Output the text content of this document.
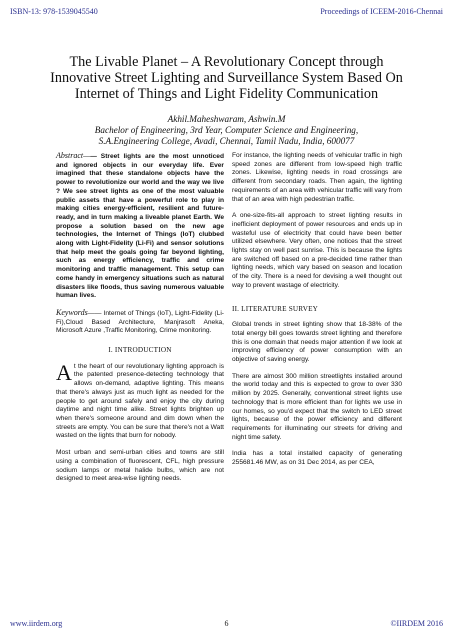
ISBN-13: 978-1539045540	Proceedings of ICEEM-2016-Chennai
The Livable Planet – A Revolutionary Concept through
Innovative Street Lighting and Surveillance System Based On
Internet of Things and Light Fidelity Communication
Akhil.Maheshwaram, Ashwin.M
Bachelor of Engineering, 3rd Year, Computer Science and Engineering,
S.A.Engineering College, Avadi, Chennai, Tamil Nadu, India, 600077

Abstract—— Street lights are the most unnoticed and ignored objects in our everyday life. Ever imagined that these standalone objects have the power to revolutionize our world and the way we live ? We see street lights as one of the most valuable public assets that have a powerful role to play in making cities energy-efficient, resilient and future-ready, and in turn making a liveable planet Earth. We propose a solution based on the new age technologies, the Internet of Things (IoT) clubbed along with Light-Fidelity (Li-Fi) and sensor solutions that help meet the goals going far beyond lighting, such as energy efficiency, traffic and crime monitoring and traffic management. This setup can come handy in emergency situations such as natural disasters like floods, thus saving numerous valuable human lives.

Keywords—— Internet of Things (IoT), Light-Fidelity (Li-Fi),Cloud Based Architecture, Manjrasoft Aneka, Microsoft Azure ,Traffic Monitoring, Crime monitoring.

I. INTRODUCTION

At the heart of our revolutionary lighting approach is the patented presence-detecting technology that allows on-demand, adaptive lighting. This means that there's always just as much light as needed for the people to get around safely and enjoy the city during daytime and night time alike. Street lights brighten up when there's someone around and dim down when the streets are empty. You can be sure that there's not a Watt wasted on the lights that burn for nobody.

Most urban and semi-urban cities and towns are still using a combination of fluorescent, CFL, high pressure sodium lamps or metal halide bulbs, which are not designed to meet area-wise lighting needs.

For instance, the lighting needs of vehicular traffic in high speed zones are different from low-speed high traffic zones. Likewise, lighting needs in road crossings are different from secondary roads. Then again, the lighting requirements of an area with vehicular traffic will vary from that of an area with high pedestrian traffic.

A one-size-fits-all approach to street lighting results in inefficient deployment of power resources and ends up in wasteful use of electricity that could have been better utilized elsewhere. Very often, one notices that the street lights stay on well past sunrise. This is because the lights are switched off based on a pre-decided time rather than lighting needs, which vary based on season and location of the city. There is a need for devising a well thought out way to prevent wastage of electricity.

II. LITERATURE SURVEY

Global trends in street lighting show that 18-38% of the total energy bill goes towards street lighting and therefore this is one domain that needs major attention if we look at improving efficiency of power consumption with an objective of saving energy.

There are almost 300 million streetlights installed around the world today and this is expected to grow to over 330 million by 2025. Generally, conventional street lights use technology that is more efficient than for lights we use in our homes, so you'd expect that the switch to LED street lights, because of the power efficiency and different requirements for illuminating our streets for driving and night time safety.

India has a total installed capacity of generating 255681.46 MW, as on 31 Dec 2014, as per CEA,

www.iirdem.org	6	©IIRDEM 2016
